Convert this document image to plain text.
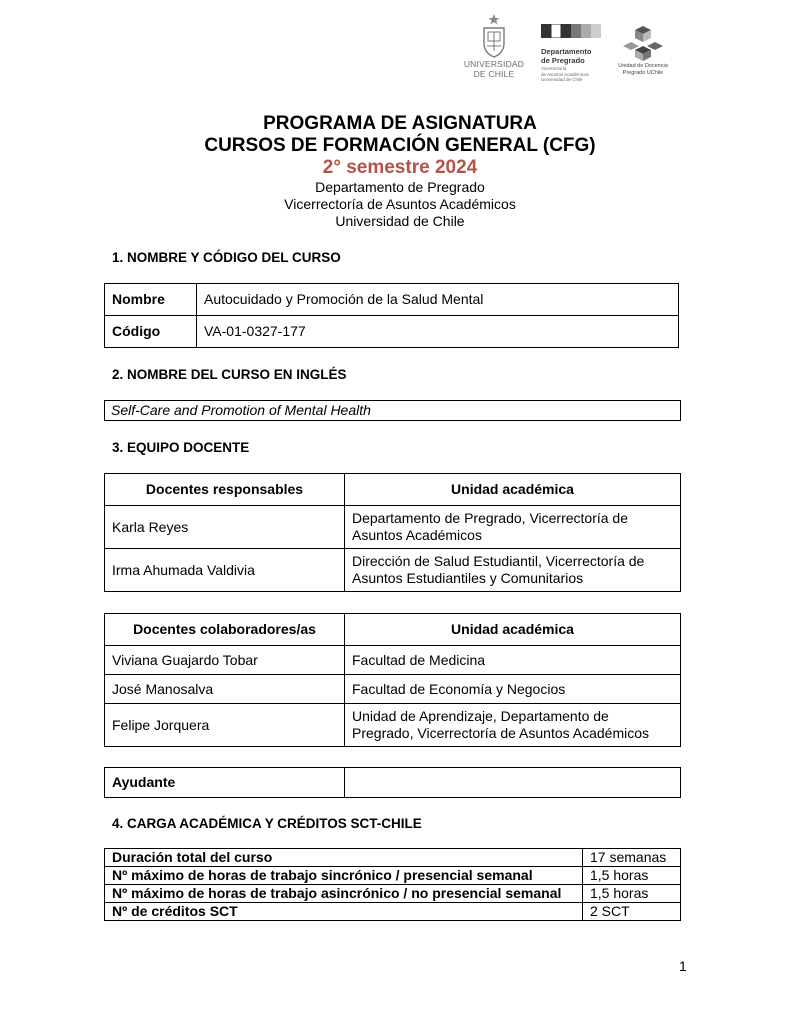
UNIVERSIDAD
DE CHILE
Departamento
de Pregrado
Vicerrectoría
de Asuntos Académicos
Universidad de Chile
Unidad de Docencia
Pregrado UChile
PROGRAMA DE ASIGNATURA
CURSOS DE FORMACIÓN GENERAL (CFG)
2° semestre 2024
Departamento de Pregrado
Vicerrectoría de Asuntos Académicos
Universidad de Chile
1. NOMBRE Y CÓDIGO DEL CURSO
Nombre	Autocuidado y Promoción de la Salud Mental
Código	VA-01-0327-177
2. NOMBRE DEL CURSO EN INGLÉS
Self-Care and Promotion of Mental Health
3. EQUIPO DOCENTE
Docentes responsables	Unidad académica
Karla Reyes	Departamento de Pregrado, Vicerrectoría de Asuntos Académicos
Irma Ahumada Valdivia	Dirección de Salud Estudiantil, Vicerrectoría de Asuntos Estudiantiles y Comunitarios
Docentes colaboradores/as	Unidad académica
Viviana Guajardo Tobar	Facultad de Medicina
José Manosalva	Facultad de Economía y Negocios
Felipe Jorquera	Unidad de Aprendizaje, Departamento de Pregrado, Vicerrectoría de Asuntos Académicos
Ayudante	
4. CARGA ACADÉMICA Y CRÉDITOS SCT-CHILE
Duración total del curso	17 semanas
Nº máximo de horas de trabajo sincrónico / presencial semanal	1,5 horas
Nº máximo de horas de trabajo asincrónico / no presencial semanal	1,5 horas
Nº de créditos SCT	2 SCT
1
